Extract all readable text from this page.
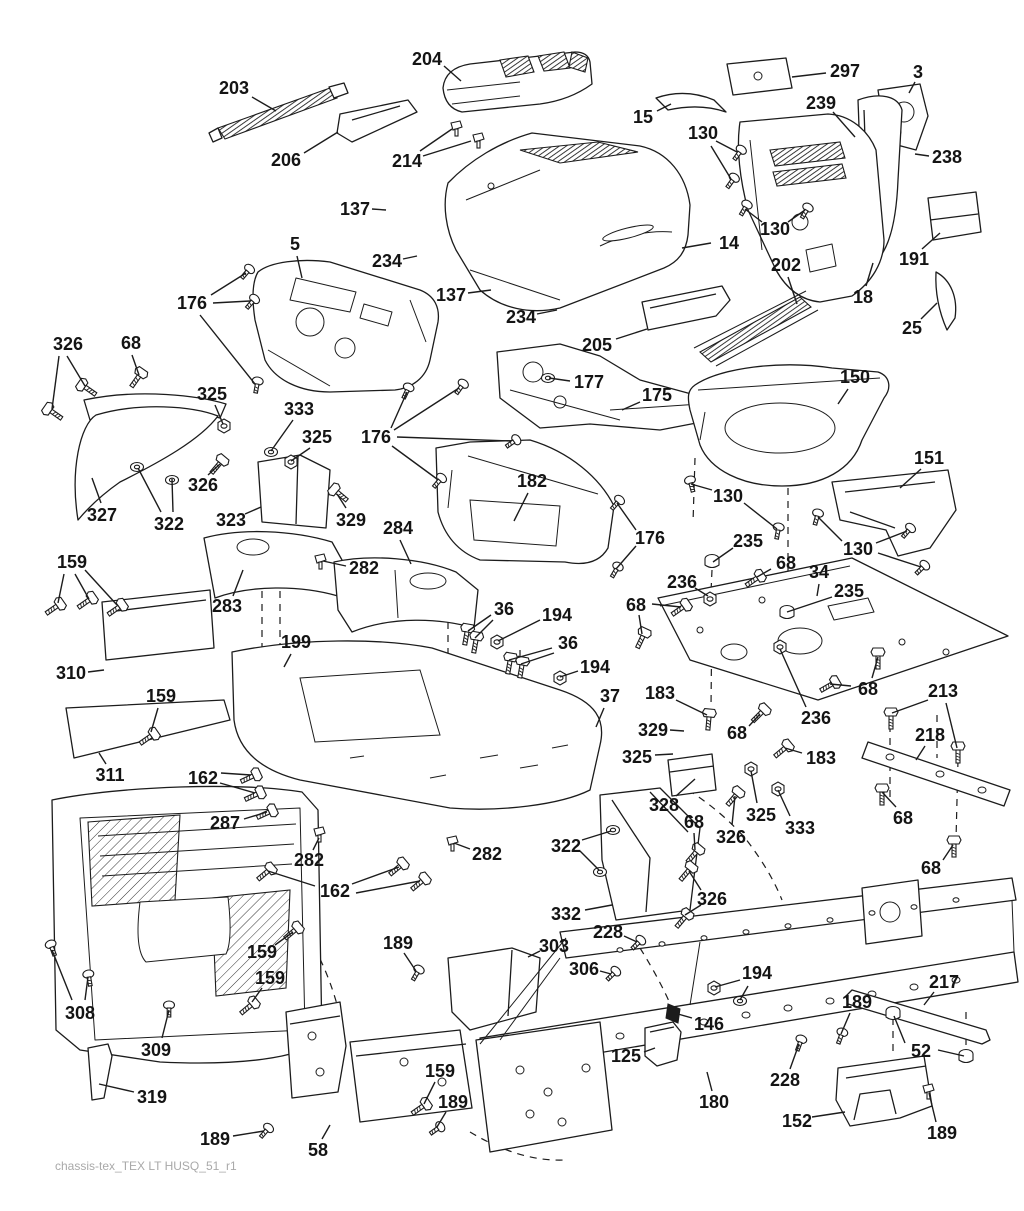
203
204
206	214
137
5
234
137
234
176
205
14
15
297	3
239
130
238
130
191
18
202
25
177
175
150
151
130
130
326 68
325
333
325
326
327 322 323	329
176
182
176
284
282
283
159
310
159
199
311	162
287
282
162
282
36 194
36
194
37
235
236
68
68 34
235
183
329
325
328
68
322	326
326
332
228
303
306
189
68
236
183
325
333
68	213
218
68
68
308
309
319
159
159
189
58
159
189
146
125
194
180
228
152
217
189
52
189
chassis-tex_TEX LT HUSQ_51_r1
